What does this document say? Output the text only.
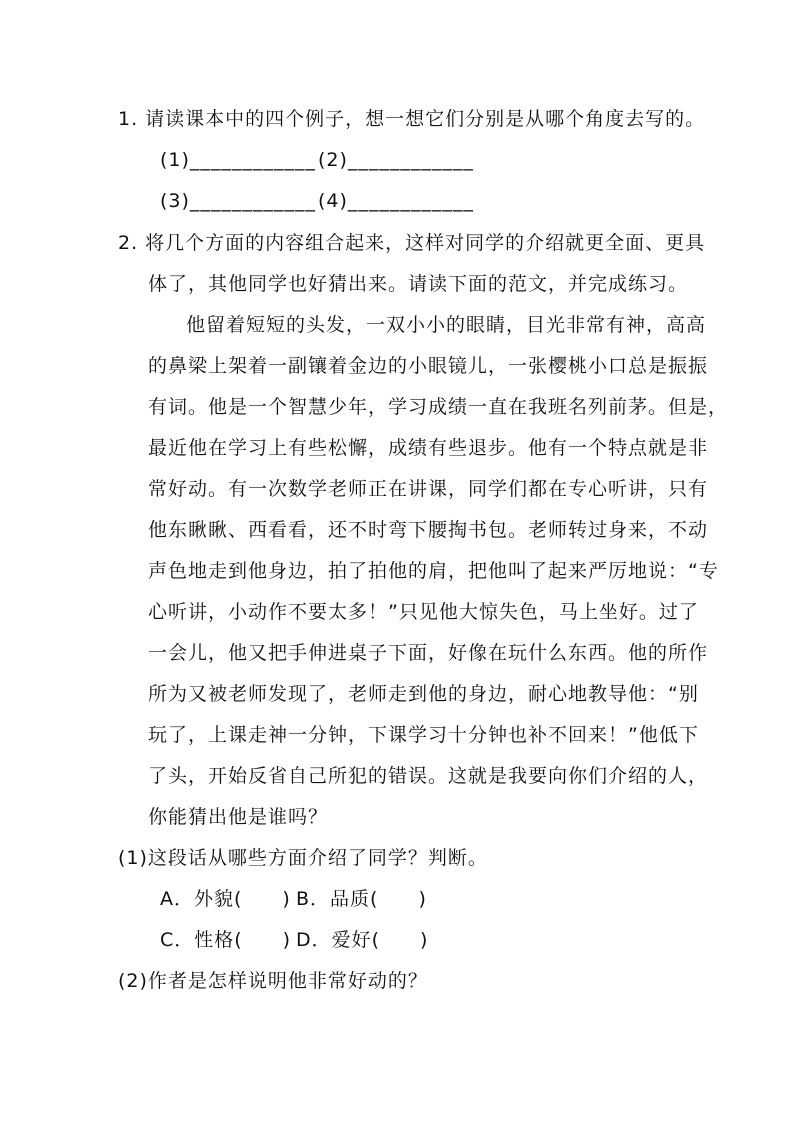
1. 请读课本中的四个例子，想一想它们分别是从哪个角度去写的。
(1)____________ (2)____________
(3)____________ (4)____________
2. 将几个方面的内容组合起来，这样对同学的介绍就更全面、更具
体了，其他同学也好猜出来。请读下面的范文，并完成练习。
他留着短短的头发，一双小小的眼睛，目光非常有神，高高
的鼻梁上架着一副镶着金边的小眼镜儿，一张樱桃小口总是振振
有词。他是一个智慧少年，学习成绩一直在我班名列前茅。但是，
最近他在学习上有些松懈，成绩有些退步。他有一个特点就是非
常好动。有一次数学老师正在讲课，同学们都在专心听讲，只有
他东瞅瞅、西看看，还不时弯下腰掏书包。老师转过身来，不动
声色地走到他身边，拍了拍他的肩，把他叫了起来严厉地说：“专
心听讲，小动作不要太多！”只见他大惊失色，马上坐好。过了
一会儿，他又把手伸进桌子下面，好像在玩什么东西。他的所作
所为又被老师发现了，老师走到他的身边，耐心地教导他：“别
玩了，上课走神一分钟，下课学习十分钟也补不回来！”他低下
了头，开始反省自己所犯的错误。这就是我要向你们介绍的人，
你能猜出他是谁吗？
(1)这段话从哪些方面介绍了同学？判断。
A．外貌(　　) B．品质(　　)
C．性格(　　) D．爱好(　　)
(2)作者是怎样说明他非常好动的？
